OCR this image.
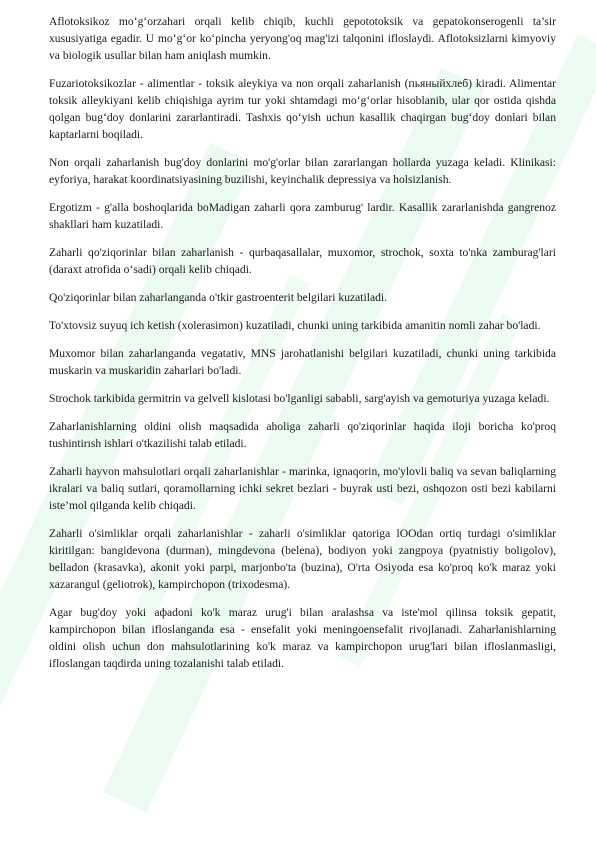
Aflotoksikoz mo‘g‘orzahari orqali kelib chiqib, kuchli gepototoksik va gepatokonserogenli ta’sir xususiyatiga egadir. U mo‘g‘or ko‘pincha yeryong'oq mag'izi talqonini ifloslaydi. Aflotoksizlarni kimyoviy va biologik usullar bilan ham aniqlash mumkin.

Fuzariotoksikozlar - alimentlar - toksik aleykiya va non orqali zaharlanish (пьяныйхлеб) kiradi. Alimentar toksik alleykiyani kelib chiqishiga ayrim tur yoki shtamdagi mo‘g‘orlar hisoblanib, ular qor ostida qishda qolgan bug‘doy donlarini zararlantiradi. Tashxis qo‘yish uchun kasallik chaqirgan bug‘doy donlari bilan kaptarlarni boqiladi.

Non orqali zaharlanish bug'doy donlarini mo'g'orlar bilan zararlangan hollarda yuzaga keladi. Klinikasi: eyforiya, harakat koordinatsiyasining buzilishi, keyinchalik depressiya va holsizlanish.

Ergotizm - g'alla boshoqlarida boMadigan zaharli qora zamburug' lardir. Kasallik zararlanishda gangrenoz shakllari ham kuzatiladi.

Zaharli qo'ziqorinlar bilan zaharlanish - qurbaqasallalar, muxomor, strochok, soxta to'nka zamburag'lari (daraxt atrofida o‘sadi) orqali kelib chiqadi.

Qo'ziqorinlar bilan zaharlanganda o'tkir gastroenterit belgilari kuzatiladi.

To'xtovsiz suyuq ich ketish (xolerasimon) kuzatiladi, chunki uning tarkibida amanitin nomli zahar bo'ladi.

Muxomor bilan zaharlanganda vegatativ, MNS jarohatlanishi belgilari kuzatiladi, chunki uning tarkibida muskarin va muskaridin zaharlari bo'ladi.

Strochok tarkibida germitrin va gelvell kislotasi bo'lganligi sababli, sarg'ayish va gemoturiya yuzaga keladi.

Zaharlanishlarning oldini olish maqsadida aholiga zaharli qo'ziqorinlar haqida iloji boricha ko'proq tushintirısh ishlari o'tkazilishi talab etiladi.

Zaharli hayvon mahsulotlari orqali zaharlanishlar - marinka, ignaqorin, mo'ylovli baliq va sevan baliqlarning ikralari va baliq sutlari, qoramollarning ichki sekret bezlari - buyrak usti bezi, oshqozon osti bezi kabilarni iste’mol qilganda kelib chiqadi.

Zaharli o'simliklar orqali zaharlanishlar - zaharli o'simliklar qatoriga lOOdan ortiq turdagi o'simliklar kiritilgan: bangidevona (durman), mingdevona (belena), bodiyon yoki zangpoya (pyatnistiy boligolov), belladon (krasavka), akonit yoki parpi, marjonbo'ta (buzina), O'rta Osiyoda esa ko'proq ko'k maraz yoki xazarangul (geliotrok), kampirchopon (trixodesma).

Agar bug'doy yoki aфadoni ko'k maraz urug'i bilan aralashsa va iste'mol qilinsa toksik gepatit, kampirchopon bilan ifloslanganda esa - ensefalit yoki meningoensefalit rivojlanadi. Zaharlanishlarning oldini olish uchun don mahsulotlarining ko'k maraz va kampirchopon urug'lari bilan ifloslanmasligi, ifloslangan taqdirda uning tozalanishi talab etiladi.
